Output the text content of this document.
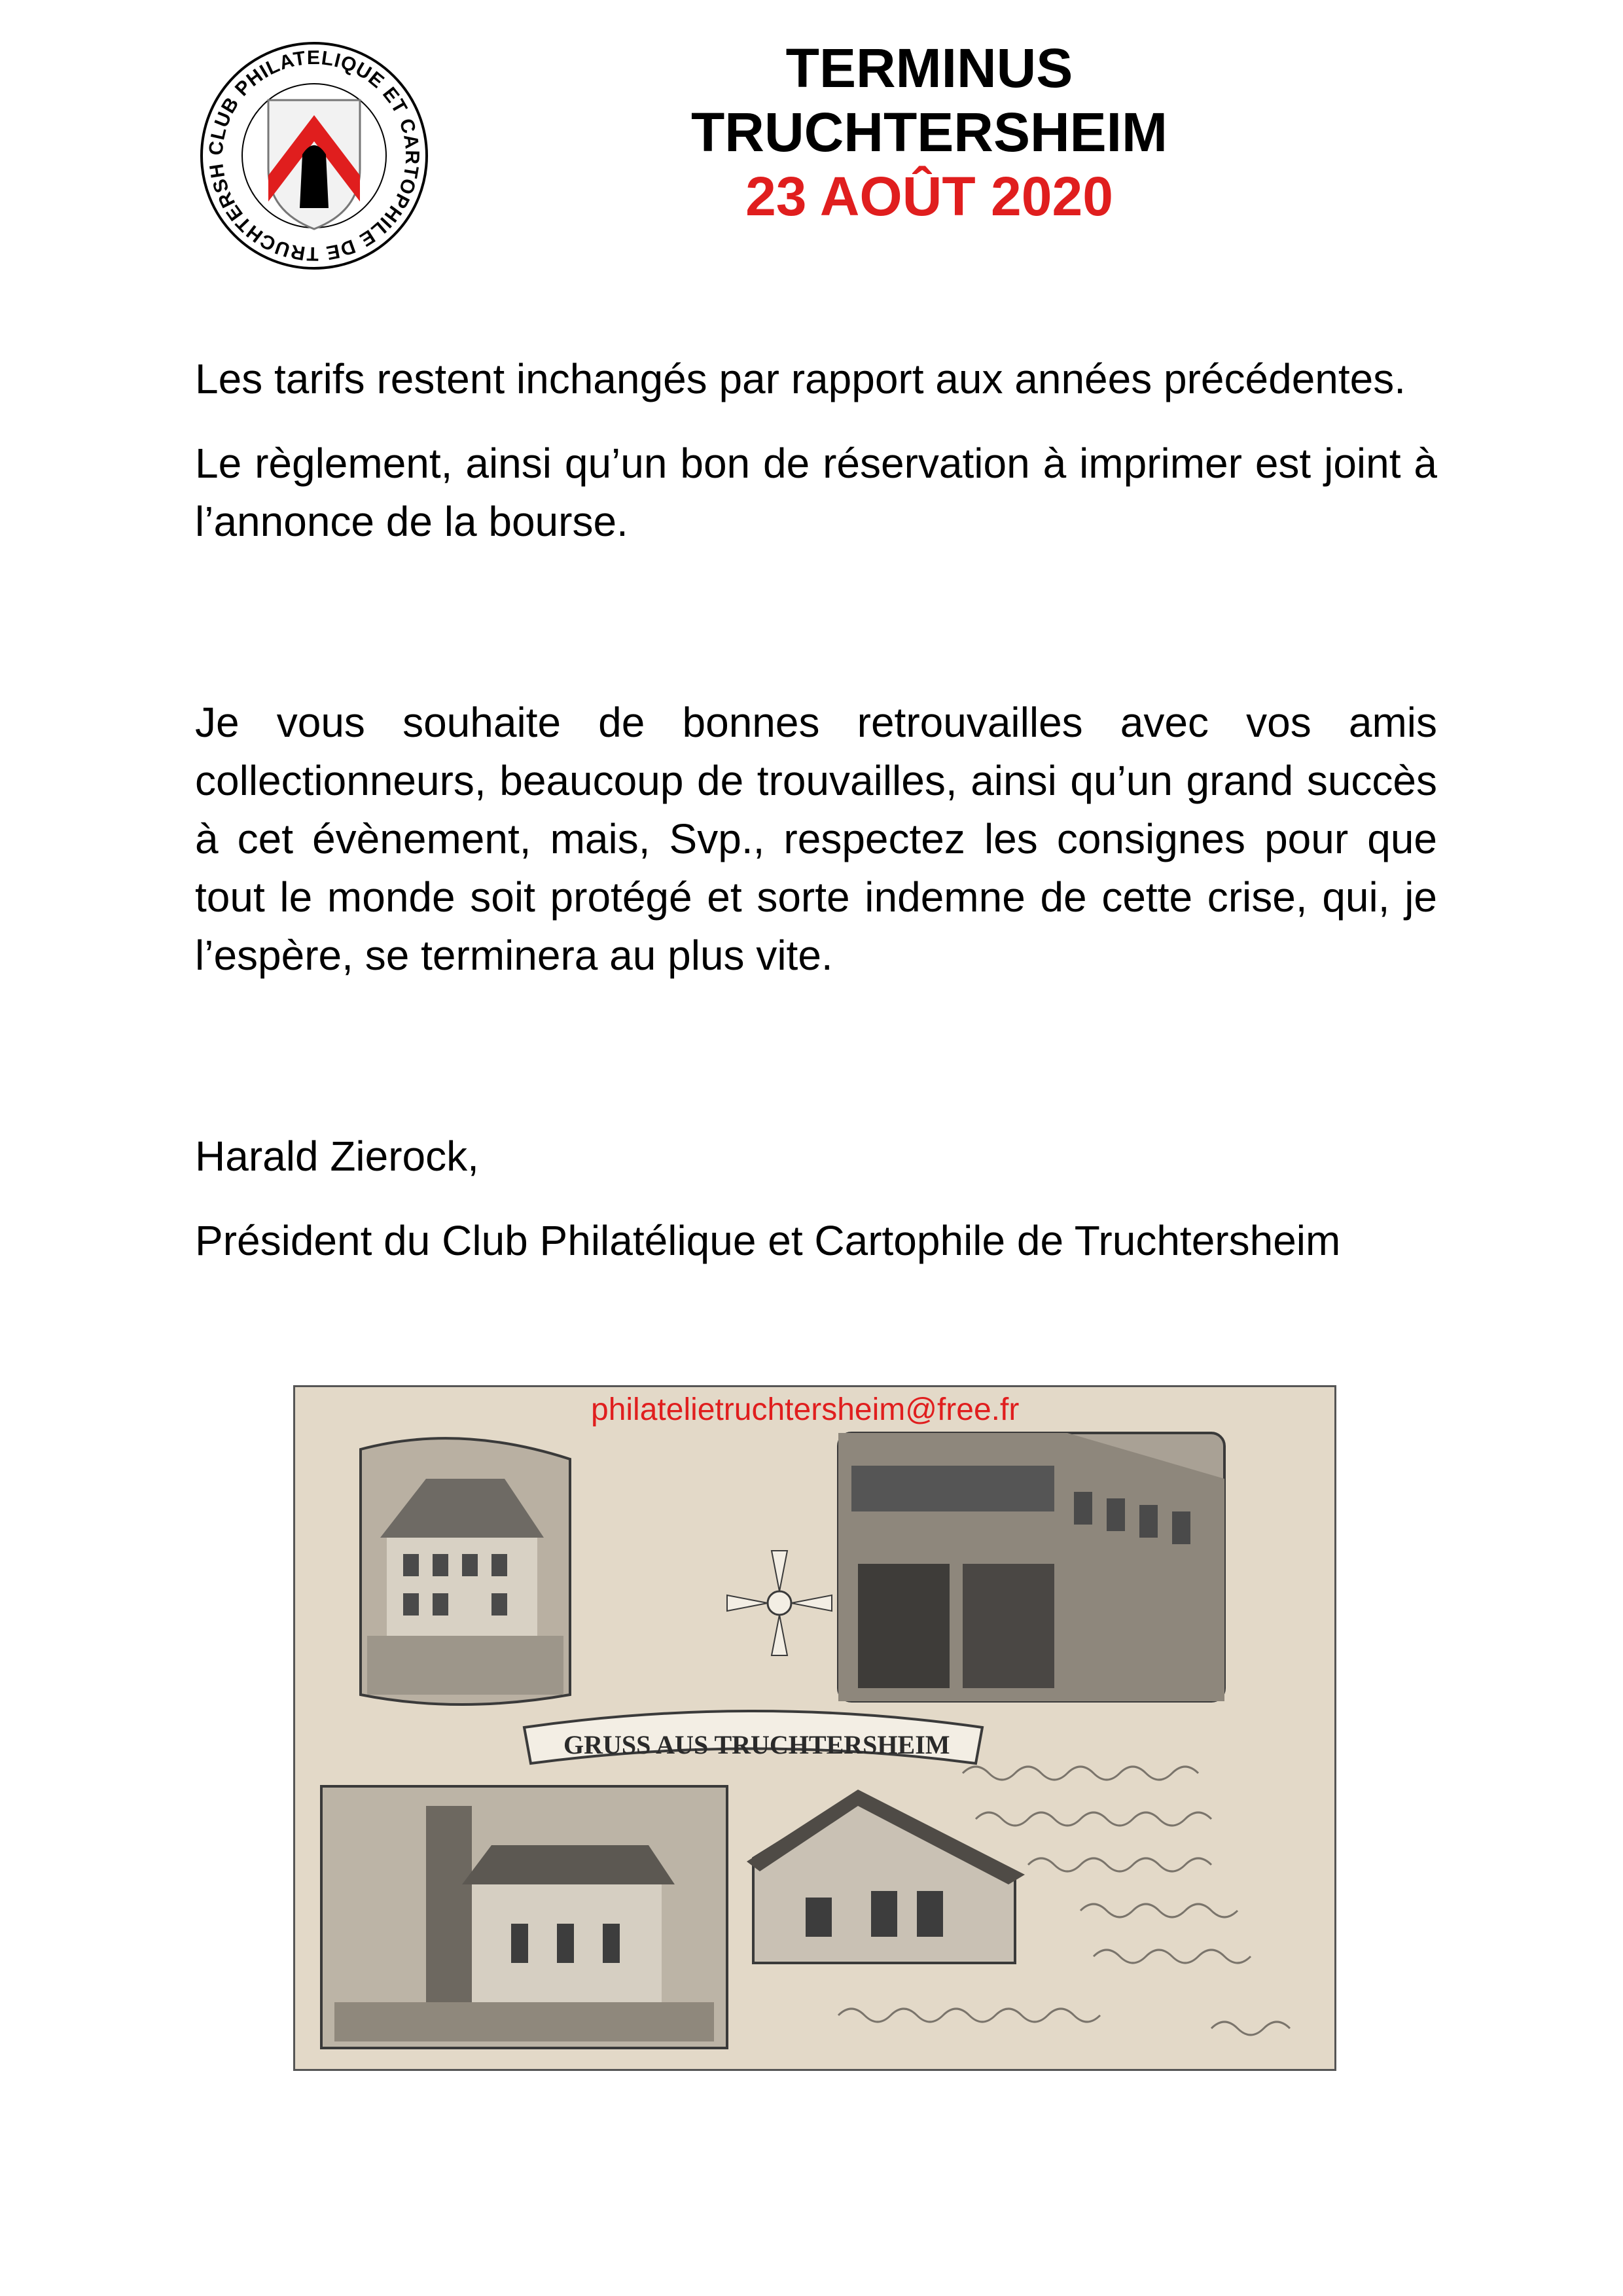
CLUB PHILATELIQUE ET CARTOPHILE DE TRUCHTERSH
TERMINUS
TRUCHTERSHEIM
23 AOÛT 2020

Les tarifs restent inchangés par rapport aux années précédentes.

Le règlement, ainsi qu’un bon de réservation à imprimer est joint à l’annonce de la bourse.

Je vous souhaite de bonnes retrouvailles avec vos amis collectionneurs, beaucoup de trouvailles, ainsi qu’un grand succès à cet évènement, mais, Svp., respectez les consignes pour que tout le monde soit protégé et sorte indemne de cette crise, qui, je l’espère, se terminera au plus vite.

Harald Zierock,

Président du Club Philatélique et Cartophile de Truchtersheim

philatelietruchtersheim@free.fr
GRUSS AUS TRUCHTERSHEIM
